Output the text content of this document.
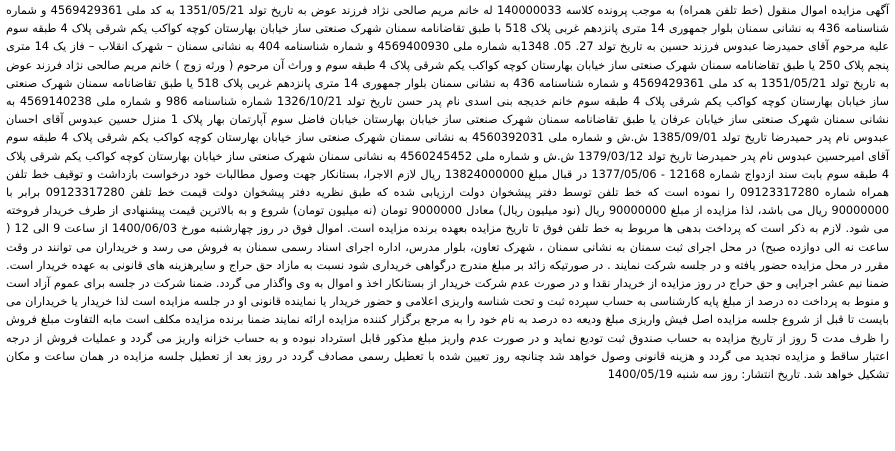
آگهی مزایده اموال منقول (خط تلفن همراه) به موجب پرونده کلاسه 140000033 له خانم مریم صالحی نژاد فرزند عوض به تاریخ تولد 1351/05/21 به کد ملی 4569429361 و شماره شناسنامه 436 به نشانی سمنان بلوار جمهوری 14 متری پانزدهم غربی پلاک 518 با طبق تقاضانامه سمنان شهرک صنعتی ساز خیابان بهارستان کوچه کواکب یکم شرقی پلاک 4 طبقه سوم علیه مرحوم آقای حمیدرضا عبدوس فرزند حسین به تاریخ تولد 27. 05. 1348به شماره ملی 4569400930 و شماره شناسنامه 404 به نشانی سمنان – شهرک انقلاب – فاز یک 14 متری پنجم پلاک 250 یا طبق تقاضانامه سمنان شهرک صنعتی ساز خیابان بهارستان کوچه کواکب یکم شرقی پلاک 4 طبقه سوم و وراث آن مرحوم ( ورثه زوج ) خانم مریم صالحی نژاد فرزند عوض به تاریخ تولد 1351/05/21 به کد ملی 4569429361 و شماره شناسنامه 436 به نشانی سمنان بلوار جمهوری 14 متری پانزدهم غربی پلاک 518 یا طبق تقاضانامه سمنان شهرک صنعتی ساز خیابان بهارستان کوچه کواکب یکم شرقی پلاک 4 طبقه سوم خانم خدیجه بنی اسدی نام پدر حسن تاریخ تولد 1326/10/21 شماره شناسنامه 986 و شماره ملی 4569140238 به نشانی سمنان شهرک صنعتی ساز خیابان عرفان یا طبق تقاضانامه سمنان شهرک صنعتی ساز خیابان بهارستان خیابان فاضل سوم آپارتمان بهار پلاک 1 منزل حسین عبدوس آقای احسان عبدوس نام پدر حمیدرضا تاریخ تولد 1385/09/01 ش.ش و شماره ملی 4560392031 به نشانی سمنان شهرک صنعتی ساز خیابان بهارستان کوچه کواکب یکم شرقی پلاک 4 طبقه سوم آقای امیرحسین عبدوس نام پدر حمیدرضا تاریخ تولد 1379/03/12 ش.ش و شماره ملی 4560245452 به نشانی سمنان شهرک صنعتی ساز خیابان بهارستان کوچه کواکب یکم شرقی پلاک 4 طبقه سوم بابت سند ازدواج شماره 12168 - 1377/05/06 در قبال مبلغ 13824000000 ریال لازم الاجرا، بستانکار جهت وصول مطالبات خود درخواست بازداشت و توقیف خط تلفن همراه شماره 09123317280 را نموده است که خط تلفن توسط دفتر پیشخوان دولت ارزیابی شده که طبق نظریه دفتر پیشخوان دولت قیمت خط تلفن 09123317280 برابر با 90000000 ریال می باشد، لذا مزایده از مبلغ 90000000 ریال (نود میلیون ریال) معادل 9000000 تومان (نه میلیون تومان) شروع و به بالاترین قیمت پیشنهادی از طرف خریدار فروخته می شود. لازم به ذکر است که پرداخت بدهی ها مربوط به خط تلفن فوق تا تاریخ مزایده بعهده برنده مزایده است. اموال فوق در روز چهارشنبه مورخ 1400/06/03 از ساعت 9 الی 12 ( ساعت نه الی دوازده صبح) در محل اجرای ثبت سمنان به نشانی سمنان ، شهرک تعاون، بلوار مدرس، اداره اجرای اسناد رسمی سمنان به فروش می رسد و خریداران می توانند در وقت مقرر در محل مزایده حضور یافته و در جلسه شرکت نمایند . در صورتیکه زائد بر مبلغ مندرج درگواهی خریداری شود نسبت به مازاد حق حراج و سایرهزینه های قانونی به عهده خریدار است. ضمنا نیم عشر اجرایی و حق حراج در روز مزایده از خریدار نقدا و در صورت عدم شرکت خریدار از بستانکار اخذ و اموال به وی واگذار می گردد. ضمنا شرکت در جلسه برای عموم آزاد است و منوط به پرداخت ده درصد از مبلغ پایه کارشناسی به حساب سپرده ثبت و تحت شناسه واریزی اعلامی و حضور خریدار یا نماینده قانونی او در جلسه مزایده است لذا خریدار یا خریداران می بایست تا قبل از شروع جلسه مزایده اصل فیش واریزی مبلغ ودیعه ده درصد به نام خود را به مرجع برگزار کننده مزایده ارائه نمایند ضمنا برنده مزایده مکلف است مابه التفاوت مبلغ فروش را ظرف مدت 5 روز از تاریخ مزایده به حساب صندوق ثبت تودیع نماید و در صورت عدم واریز مبلغ مذکور قابل استرداد نبوده و به حساب خزانه واریز می گردد و عملیات فروش از درجه اعتبار ساقط و مزایده تجدید می گردد و هزینه قانونی وصول خواهد شد چنانچه روز تعیین شده با تعطیل رسمی مصادف گردد در روز بعد از تعطیل جلسه مزایده در همان ساعت و مکان تشکیل خواهد شد. تاریخ انتشار: روز سه شنبه 1400/05/19
